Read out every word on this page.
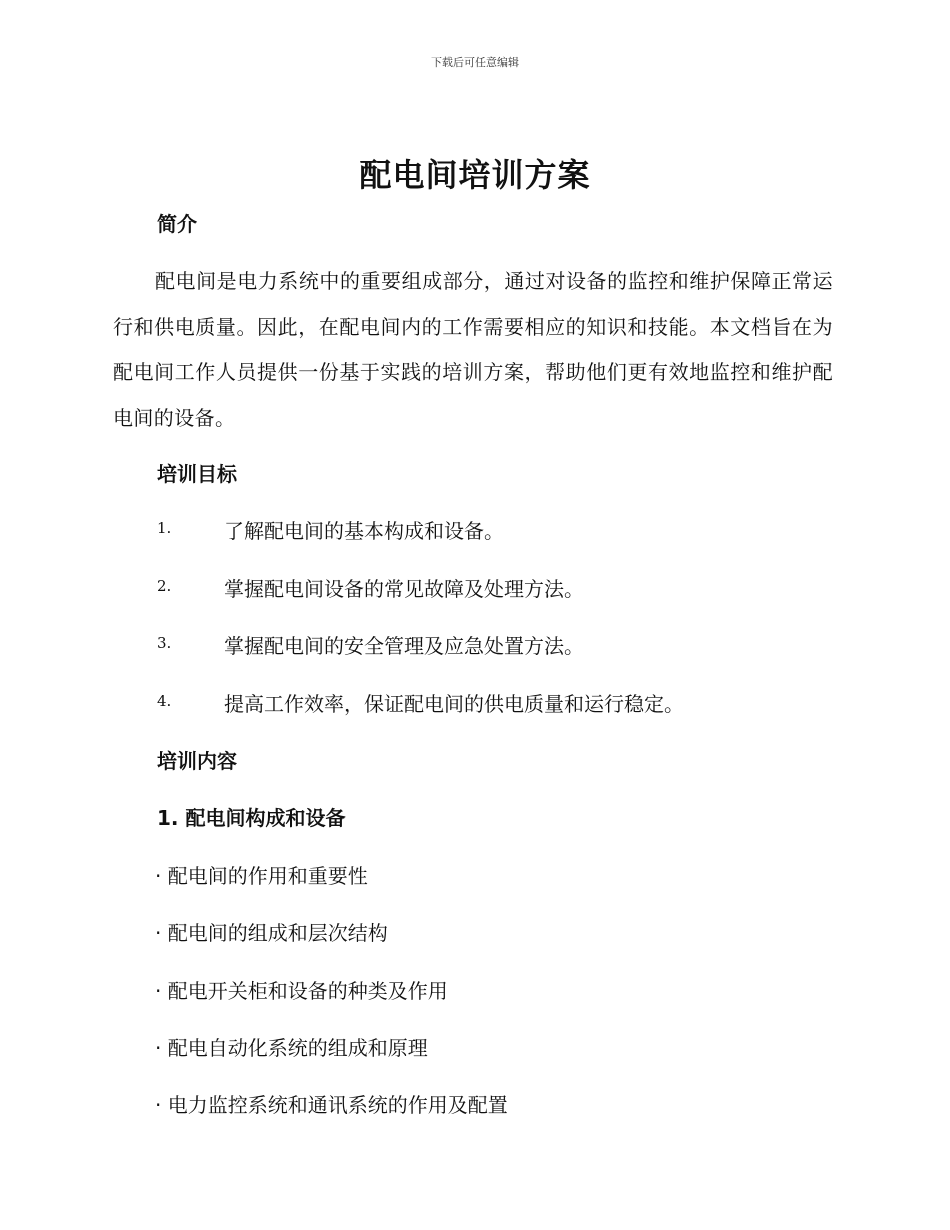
下载后可任意编辑
配电间培训方案
简介

配电间是电力系统中的重要组成部分，通过对设备的监控和维护保障正常运行和供电质量。因此，在配电间内的工作需要相应的知识和技能。本文档旨在为配电间工作人员提供一份基于实践的培训方案，帮助他们更有效地监控和维护配电间的设备。

培训目标
1.	了解配电间的基本构成和设备。
2.	掌握配电间设备的常见故障及处理方法。
3.	掌握配电间的安全管理及应急处置方法。
4.	提高工作效率，保证配电间的供电质量和运行稳定。
培训内容
1. 配电间构成和设备
· 配电间的作用和重要性
· 配电间的组成和层次结构
· 配电开关柜和设备的种类及作用
· 配电自动化系统的组成和原理
· 电力监控系统和通讯系统的作用及配置
